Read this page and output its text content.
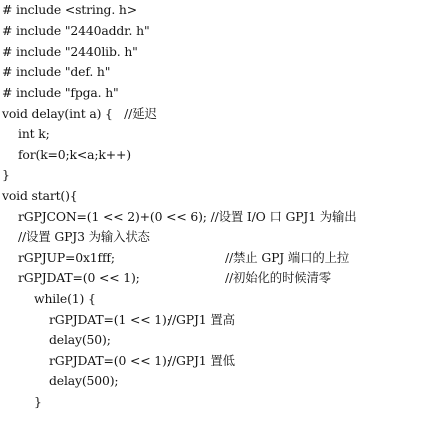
# include <string. h>
# include "2440addr. h"
# include "2440lib. h"
# include "def. h"
# include "fpga. h"
void delay(int a) {   //延迟
int k;
for(k=0;k<a;k++)
}
void start(){
rGPJCON=(1 << 2)+(0 << 6); //设置 I/O 口 GPJ1 为输出
//设置 GPJ3 为输入状态
rGPJUP=0x1fff;	//禁止 GPJ 端口的上拉
rGPJDAT=(0 << 1);	//初始化的时候清零
while(1) {
rGPJDAT=(1 << 1);
//GPJ1 置高
delay(50);
rGPJDAT=(0 << 1);
//GPJ1 置低
delay(500);
}
